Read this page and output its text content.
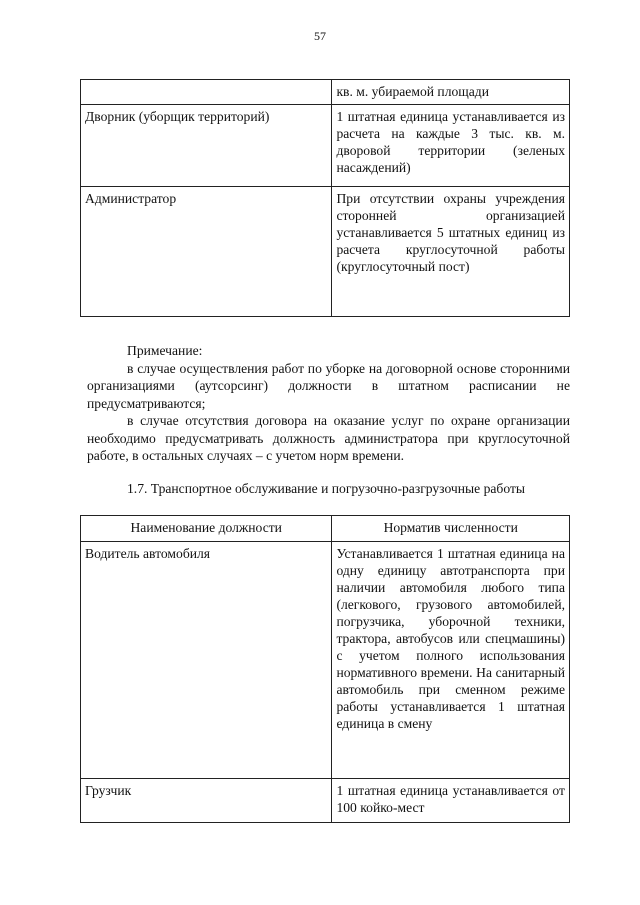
57
	кв. м. убираемой площади
Дворник (уборщик территорий)	1 штатная единица устанавливается из расчета на каждые 3 тыс. кв. м. дворовой территории (зеленых насаждений)
Администратор	При отсутствии охраны учреждения сторонней организацией устанавливается 5 штатных единиц из расчета круглосуточной работы (круглосуточный пост)

Примечание:

в случае осуществления работ по уборке на договорной основе сторонними организациями (аутсорсинг) должности в штатном расписании не предусматриваются;

в случае отсутствия договора на оказание услуг по охране организации необходимо предусматривать должность администратора при круглосуточной работе, в остальных случаях – с учетом норм времени.

1.7. Транспортное обслуживание и погрузочно-разгрузочные работы
Наименование должности	Норматив численности
Водитель автомобиля	Устанавливается 1 штатная единица на одну единицу автотранспорта при наличии автомобиля любого типа (легкового, грузового автомобилей, погрузчика, уборочной техники, трактора, автобусов или спецмашины) с учетом полного использования нормативного времени. На санитарный автомобиль при сменном режиме работы устанавливается 1 штатная единица в смену
Грузчик	1 штатная единица устанавливается от 100 койко-мест
